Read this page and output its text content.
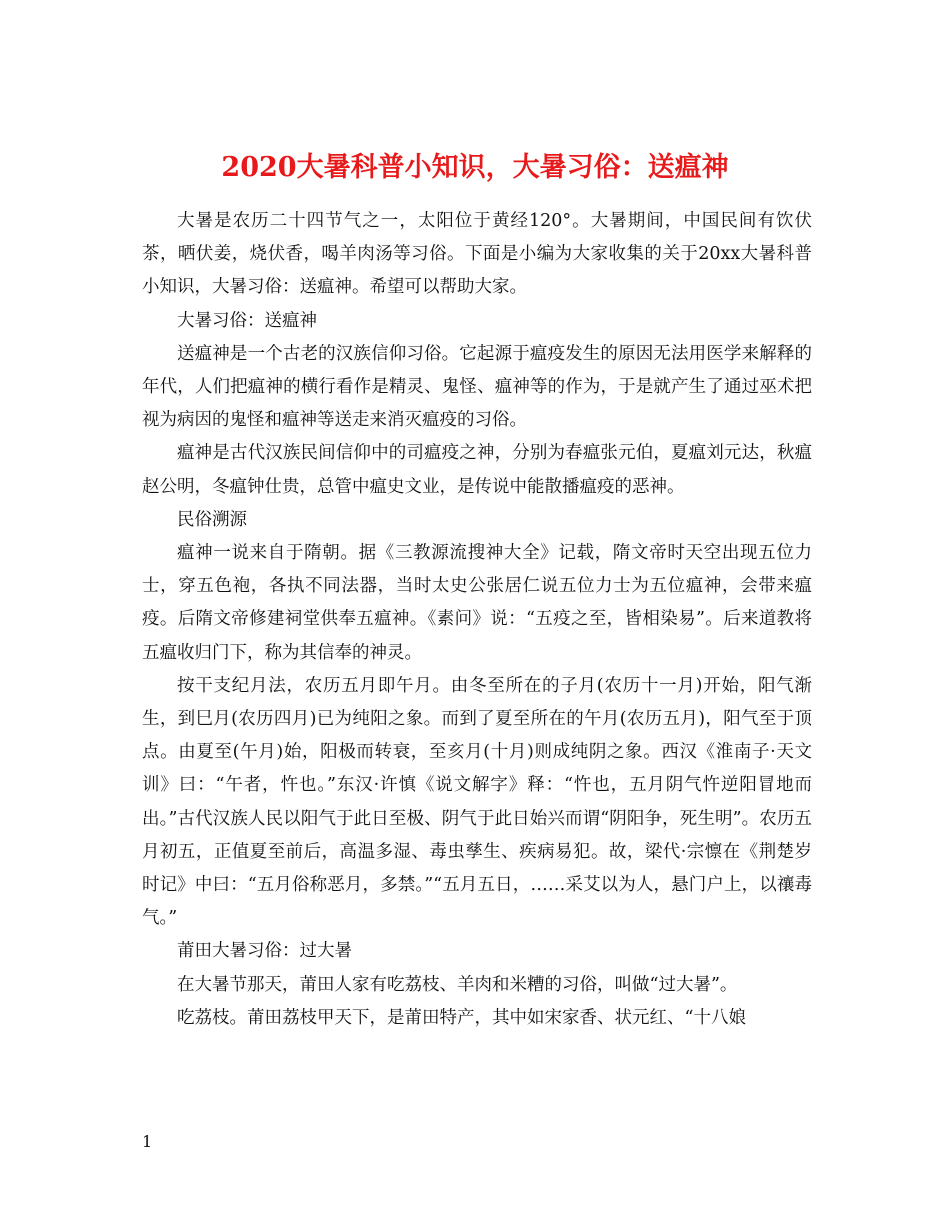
2020大暑科普小知识，大暑习俗：送瘟神

大暑是农历二十四节气之一，太阳位于黄经120°。大暑期间，中国民间有饮伏茶，晒伏姜，烧伏香，喝羊肉汤等习俗。下面是小编为大家收集的关于20xx大暑科普小知识，大暑习俗：送瘟神。希望可以帮助大家。

大暑习俗：送瘟神

送瘟神是一个古老的汉族信仰习俗。它起源于瘟疫发生的原因无法用医学来解释的年代，人们把瘟神的横行看作是精灵、鬼怪、瘟神等的作为，于是就产生了通过巫术把视为病因的鬼怪和瘟神等送走来消灭瘟疫的习俗。

瘟神是古代汉族民间信仰中的司瘟疫之神，分别为春瘟张元伯，夏瘟刘元达，秋瘟赵公明，冬瘟钟仕贵，总管中瘟史文业，是传说中能散播瘟疫的恶神。

民俗溯源

瘟神一说来自于隋朝。据《三教源流搜神大全》记载，隋文帝时天空出现五位力士，穿五色袍，各执不同法器，当时太史公张居仁说五位力士为五位瘟神，会带来瘟疫。后隋文帝修建祠堂供奉五瘟神。《素问》说：“五疫之至，皆相染易”。后来道教将五瘟收归门下，称为其信奉的神灵。

按干支纪月法，农历五月即午月。由冬至所在的子月(农历十一月)开始，阳气渐生，到巳月(农历四月)已为纯阳之象。而到了夏至所在的午月(农历五月)，阳气至于顶点。由夏至(午月)始，阳极而转衰，至亥月(十月)则成纯阴之象。西汉《淮南子·天文训》曰：“午者，忤也。”东汉·许慎《说文解字》释：“忤也，五月阴气忤逆阳冒地而出。”古代汉族人民以阳气于此日至极、阴气于此日始兴而谓“阴阳争，死生明”。农历五月初五，正值夏至前后，高温多湿、毒虫孳生、疾病易犯。故，梁代·宗懔在《荆楚岁时记》中曰：“五月俗称恶月，多禁。”“五月五日，……采艾以为人，悬门户上，以禳毒气。”

莆田大暑习俗：过大暑

在大暑节那天，莆田人家有吃荔枝、羊肉和米糟的习俗，叫做“过大暑”。

吃荔枝。莆田荔枝甲天下，是莆田特产，其中如宋家香、状元红、“十八娘

1
